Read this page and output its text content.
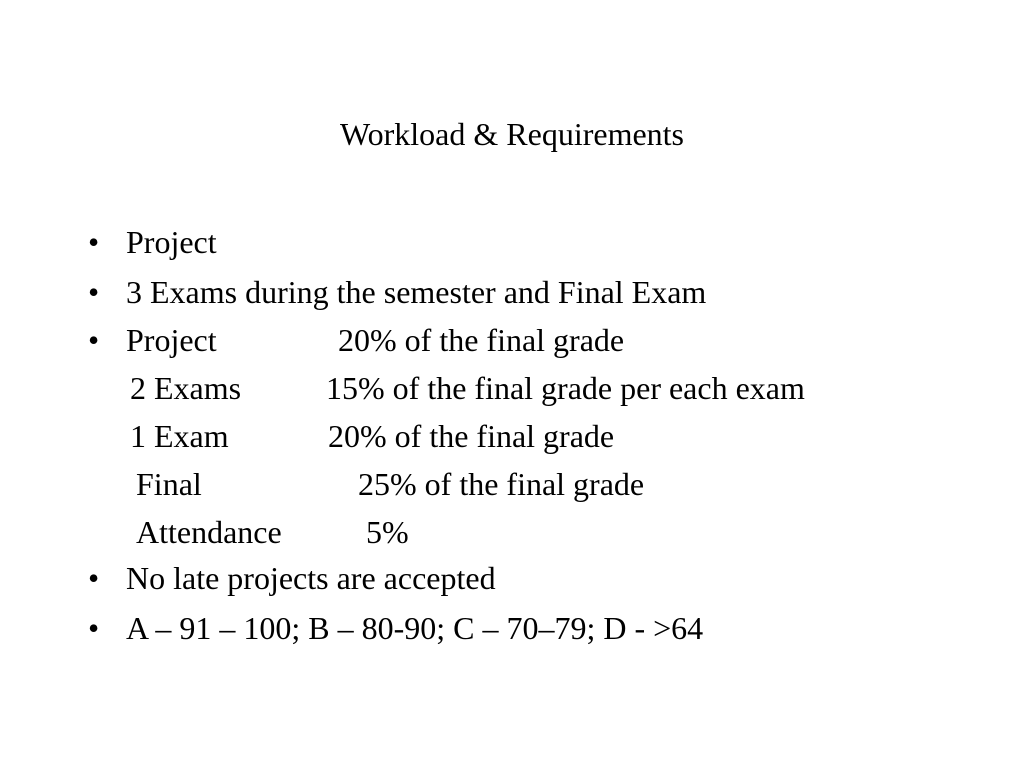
Workload & Requirements
• Project
• 3 Exams during the semester and Final Exam
• Project	20% of the final grade
2 Exams	15% of the final grade per each exam
1 Exam	20% of the final grade
Final	25% of the final grade
Attendance	5%
• No late projects are accepted
• A – 91 – 100; B – 80-90; C – 70–79; D - >64
